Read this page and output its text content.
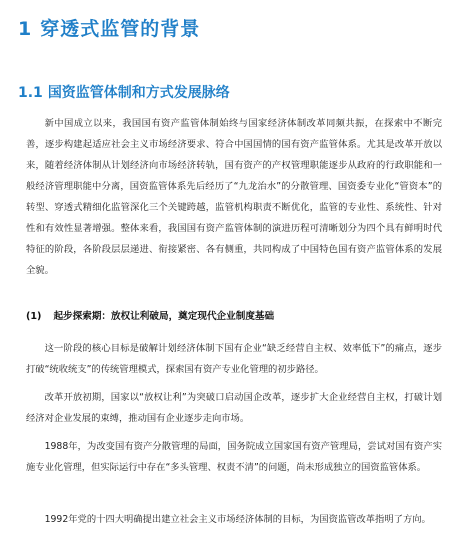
1 穿透式监管的背景
1.1 国资监管体制和方式发展脉络

新中国成立以来，我国国有资产监管体制始终与国家经济体制改革同频共振，在探索中不断完善，逐步构建起适应社会主义市场经济要求、符合中国国情的国有资产监管体系。尤其是改革开放以来，随着经济体制从计划经济向市场经济转轨，国有资产的产权管理职能逐步从政府的行政职能和一般经济管理职能中分离，国资监管体系先后经历了“九龙治水”的分散管理、国资委专业化“管资本”的转型、穿透式精细化监管深化三个关键跨越，监管机构职责不断优化，监管的专业性、系统性、针对性和有效性显著增强。整体来看，我国国有资产监管体制的演进历程可清晰划分为四个具有鲜明时代特征的阶段，各阶段层层递进、衔接紧密、各有侧重，共同构成了中国特色国有资产监管体系的发展全貌。

(1) 起步探索期：放权让利破局，奠定现代企业制度基础

这一阶段的核心目标是破解计划经济体制下国有企业“缺乏经营自主权、效率低下”的痛点，逐步打破“统收统支”的传统管理模式，探索国有资产专业化管理的初步路径。

改革开放初期，国家以“放权让利”为突破口启动国企改革，逐步扩大企业经营自主权，打破计划经济对企业发展的束缚，推动国有企业逐步走向市场。

1988年，为改变国有资产分散管理的局面，国务院成立国家国有资产管理局，尝试对国有资产实施专业化管理，但实际运行中存在“多头管理、权责不清”的问题，尚未形成独立的国资监管体系。

1992年党的十四大明确提出建立社会主义市场经济体制的目标，为国资监管改革指明了方向。
